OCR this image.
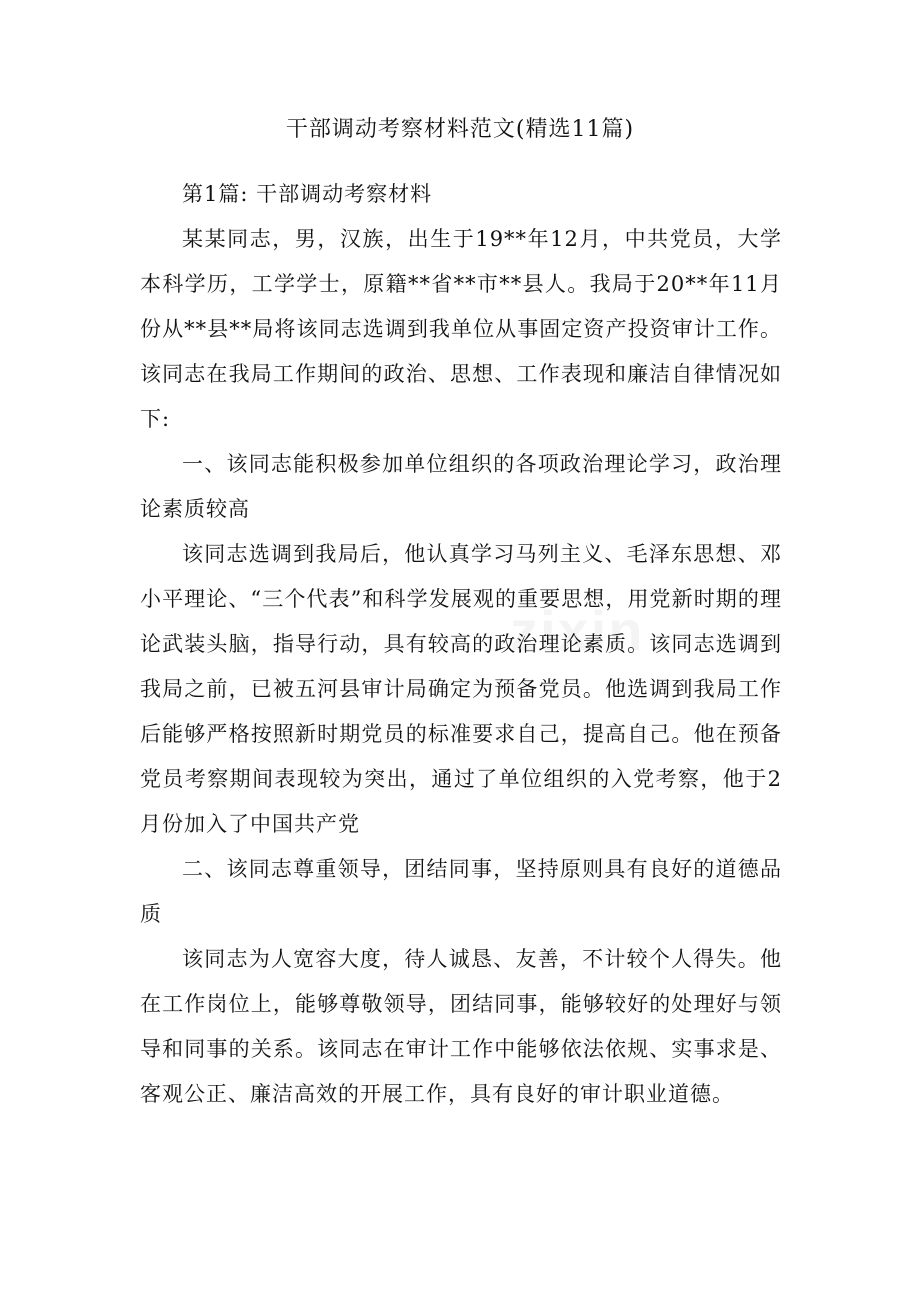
干部调动考察材料范文(精选11篇)

第1篇: 干部调动考察材料

某某同志，男，汉族，出生于19**年12月，中共党员，大学本科学历，工学学士，原籍**省**市**县人。我局于20**年11月份从**县**局将该同志选调到我单位从事固定资产投资审计工作。该同志在我局工作期间的政治、思想、工作表现和廉洁自律情况如下:

一、该同志能积极参加单位组织的各项政治理论学习，政治理论素质较高

该同志选调到我局后，他认真学习马列主义、毛泽东思想、邓小平理论、“三个代表”和科学发展观的重要思想，用党新时期的理论武装头脑，指导行动，具有较高的政治理论素质。该同志选调到我局之前，已被五河县审计局确定为预备党员。他选调到我局工作后能够严格按照新时期党员的标准要求自己，提高自己。他在预备党员考察期间表现较为突出，通过了单位组织的入党考察，他于2月份加入了中国共产党

二、该同志尊重领导，团结同事，坚持原则具有良好的道德品质

该同志为人宽容大度，待人诚恳、友善，不计较个人得失。他在工作岗位上，能够尊敬领导，团结同事，能够较好的处理好与领导和同事的关系。该同志在审计工作中能够依法依规、实事求是、客观公正、廉洁高效的开展工作，具有良好的审计职业道德。
